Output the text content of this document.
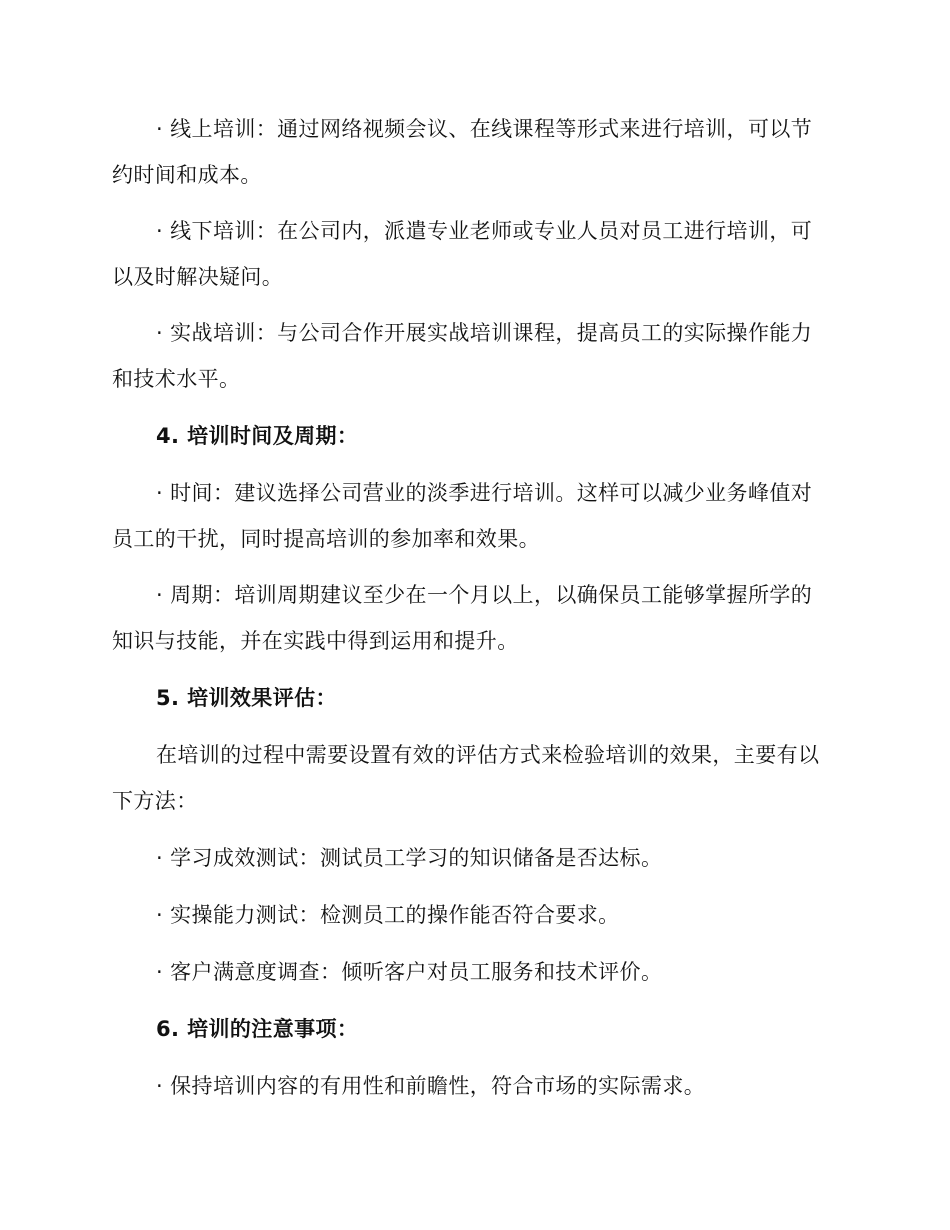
· 线上培训：通过网络视频会议、在线课程等形式来进行培训，可以节约时间和成本。

· 线下培训：在公司内，派遣专业老师或专业人员对员工进行培训，可以及时解决疑问。

· 实战培训：与公司合作开展实战培训课程，提高员工的实际操作能力和技术水平。

4. 培训时间及周期：

· 时间：建议选择公司营业的淡季进行培训。这样可以减少业务峰值对员工的干扰，同时提高培训的参加率和效果。

· 周期：培训周期建议至少在一个月以上，以确保员工能够掌握所学的知识与技能，并在实践中得到运用和提升。

5. 培训效果评估：

在培训的过程中需要设置有效的评估方式来检验培训的效果，主要有以下方法：

· 学习成效测试：测试员工学习的知识储备是否达标。

· 实操能力测试：检测员工的操作能否符合要求。

· 客户满意度调查：倾听客户对员工服务和技术评价。

6. 培训的注意事项：

· 保持培训内容的有用性和前瞻性，符合市场的实际需求。
